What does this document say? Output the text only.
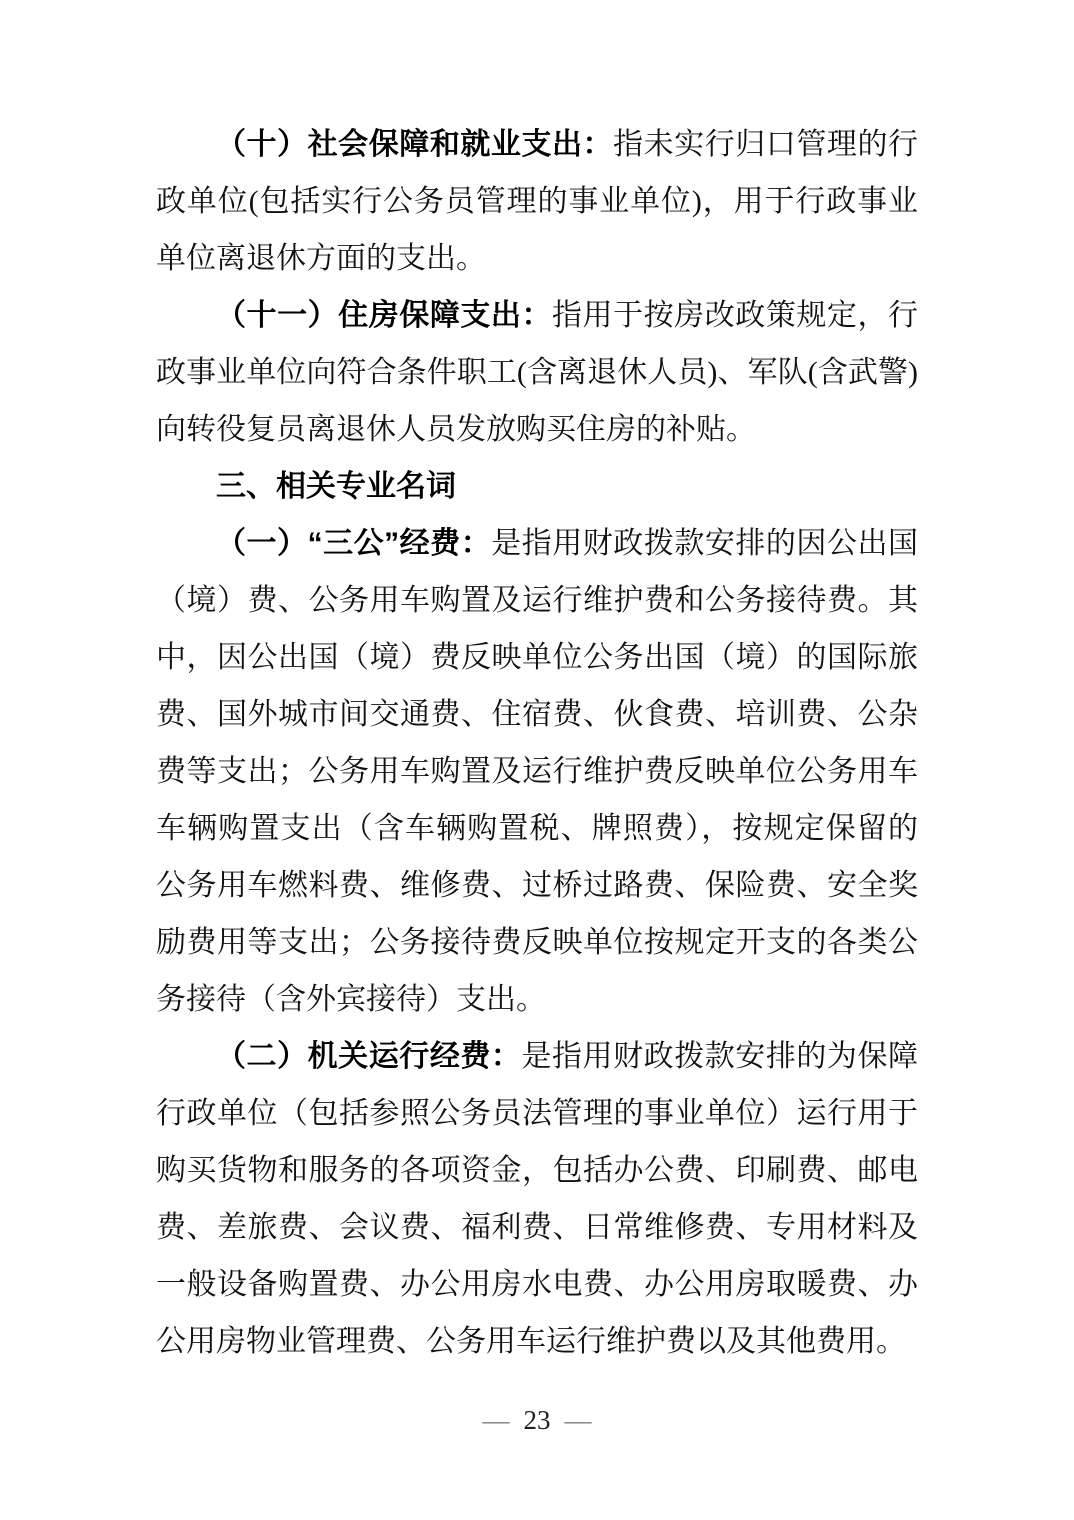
（十）社会保障和就业支出：指未实行归口管理的行政单位(包括实行公务员管理的事业单位)，用于行政事业单位离退休方面的支出。

（十一）住房保障支出：指用于按房改政策规定，行政事业单位向符合条件职工(含离退休人员)、军队(含武警)向转役复员离退休人员发放购买住房的补贴。

三、相关专业名词

（一）“三公”经费：是指用财政拨款安排的因公出国（境）费、公务用车购置及运行维护费和公务接待费。其中，因公出国（境）费反映单位公务出国（境）的国际旅费、国外城市间交通费、住宿费、伙食费、培训费、公杂费等支出；公务用车购置及运行维护费反映单位公务用车车辆购置支出（含车辆购置税、牌照费），按规定保留的公务用车燃料费、维修费、过桥过路费、保险费、安全奖励费用等支出；公务接待费反映单位按规定开支的各类公务接待（含外宾接待）支出。

（二）机关运行经费：是指用财政拨款安排的为保障行政单位（包括参照公务员法管理的事业单位）运行用于购买货物和服务的各项资金，包括办公费、印刷费、邮电费、差旅费、会议费、福利费、日常维修费、专用材料及一般设备购置费、办公用房水电费、办公用房取暖费、办公用房物业管理费、公务用车运行维护费以及其他费用。

— 23 —
